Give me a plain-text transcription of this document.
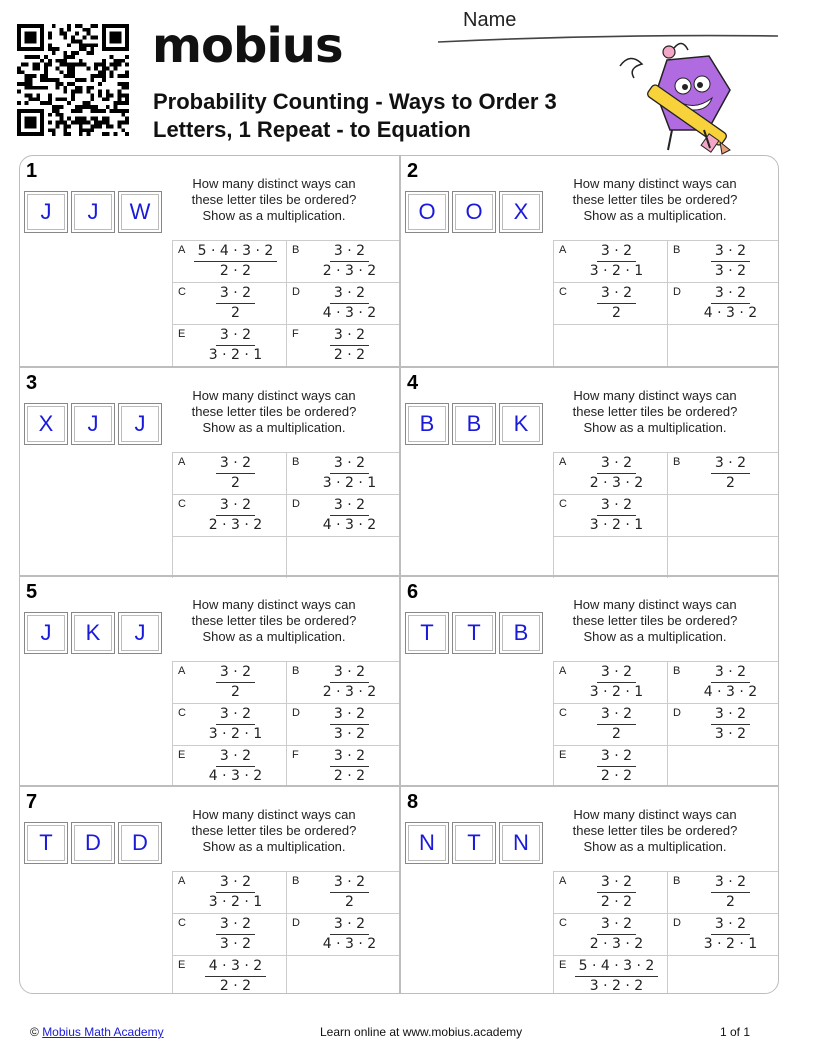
mobius
Probability Counting - Ways to Order 3 Letters, 1 Repeat - to Equation
Name
1
J	J	W
How many distinct ways can these letter tiles be ordered? Show as a multiplication.
A $\frac{5 \cdot 4 \cdot 3 \cdot 2}{2 \cdot 2}$ B $\frac{3 \cdot 2}{2 \cdot 3 \cdot 2}$
C $\frac{3 \cdot 2}{2}$ D $\frac{3 \cdot 2}{4 \cdot 3 \cdot 2}$
E $\frac{3 \cdot 2}{3 \cdot 2 \cdot 1}$ F $\frac{3 \cdot 2}{2 \cdot 2}$
2
O	O	X
How many distinct ways can these letter tiles be ordered? Show as a multiplication.
A $\frac{3 \cdot 2}{3 \cdot 2 \cdot 1}$ B $\frac{3 \cdot 2}{3 \cdot 2}$
C $\frac{3 \cdot 2}{2}$ D $\frac{3 \cdot 2}{4 \cdot 3 \cdot 2}$
3
X	J	J
How many distinct ways can these letter tiles be ordered? Show as a multiplication.
A $\frac{3 \cdot 2}{2}$ B $\frac{3 \cdot 2}{3 \cdot 2 \cdot 1}$
C $\frac{3 \cdot 2}{2 \cdot 3 \cdot 2}$ D $\frac{3 \cdot 2}{4 \cdot 3 \cdot 2}$
4
B	B	K
How many distinct ways can these letter tiles be ordered? Show as a multiplication.
A $\frac{3 \cdot 2}{2 \cdot 3 \cdot 2}$ B $\frac{3 \cdot 2}{2}$
C $\frac{3 \cdot 2}{3 \cdot 2 \cdot 1}$
5
J	K	J
How many distinct ways can these letter tiles be ordered? Show as a multiplication.
A $\frac{3 \cdot 2}{2}$ B $\frac{3 \cdot 2}{2 \cdot 3 \cdot 2}$
C $\frac{3 \cdot 2}{3 \cdot 2 \cdot 1}$ D $\frac{3 \cdot 2}{3 \cdot 2}$
E $\frac{3 \cdot 2}{4 \cdot 3 \cdot 2}$ F $\frac{3 \cdot 2}{2 \cdot 2}$
6
T	T	B
How many distinct ways can these letter tiles be ordered? Show as a multiplication.
A $\frac{3 \cdot 2}{3 \cdot 2 \cdot 1}$ B $\frac{3 \cdot 2}{4 \cdot 3 \cdot 2}$
C $\frac{3 \cdot 2}{2}$ D $\frac{3 \cdot 2}{3 \cdot 2}$
E $\frac{3 \cdot 2}{2 \cdot 2}$
7
T	D	D
How many distinct ways can these letter tiles be ordered? Show as a multiplication.
A $\frac{3 \cdot 2}{3 \cdot 2 \cdot 1}$ B $\frac{3 \cdot 2}{2}$
C $\frac{3 \cdot 2}{3 \cdot 2}$ D $\frac{3 \cdot 2}{4 \cdot 3 \cdot 2}$
E $\frac{4 \cdot 3 \cdot 2}{2 \cdot 2}$
8
N	T	N
How many distinct ways can these letter tiles be ordered? Show as a multiplication.
A $\frac{3 \cdot 2}{2 \cdot 2}$ B $\frac{3 \cdot 2}{2}$
C $\frac{3 \cdot 2}{2 \cdot 3 \cdot 2}$ D $\frac{3 \cdot 2}{3 \cdot 2 \cdot 1}$
E $\frac{5 \cdot 4 \cdot 3 \cdot 2}{3 \cdot 2 \cdot 2}$
© Mobius Math Academy	Learn online at www.mobius.academy	1 of 1
